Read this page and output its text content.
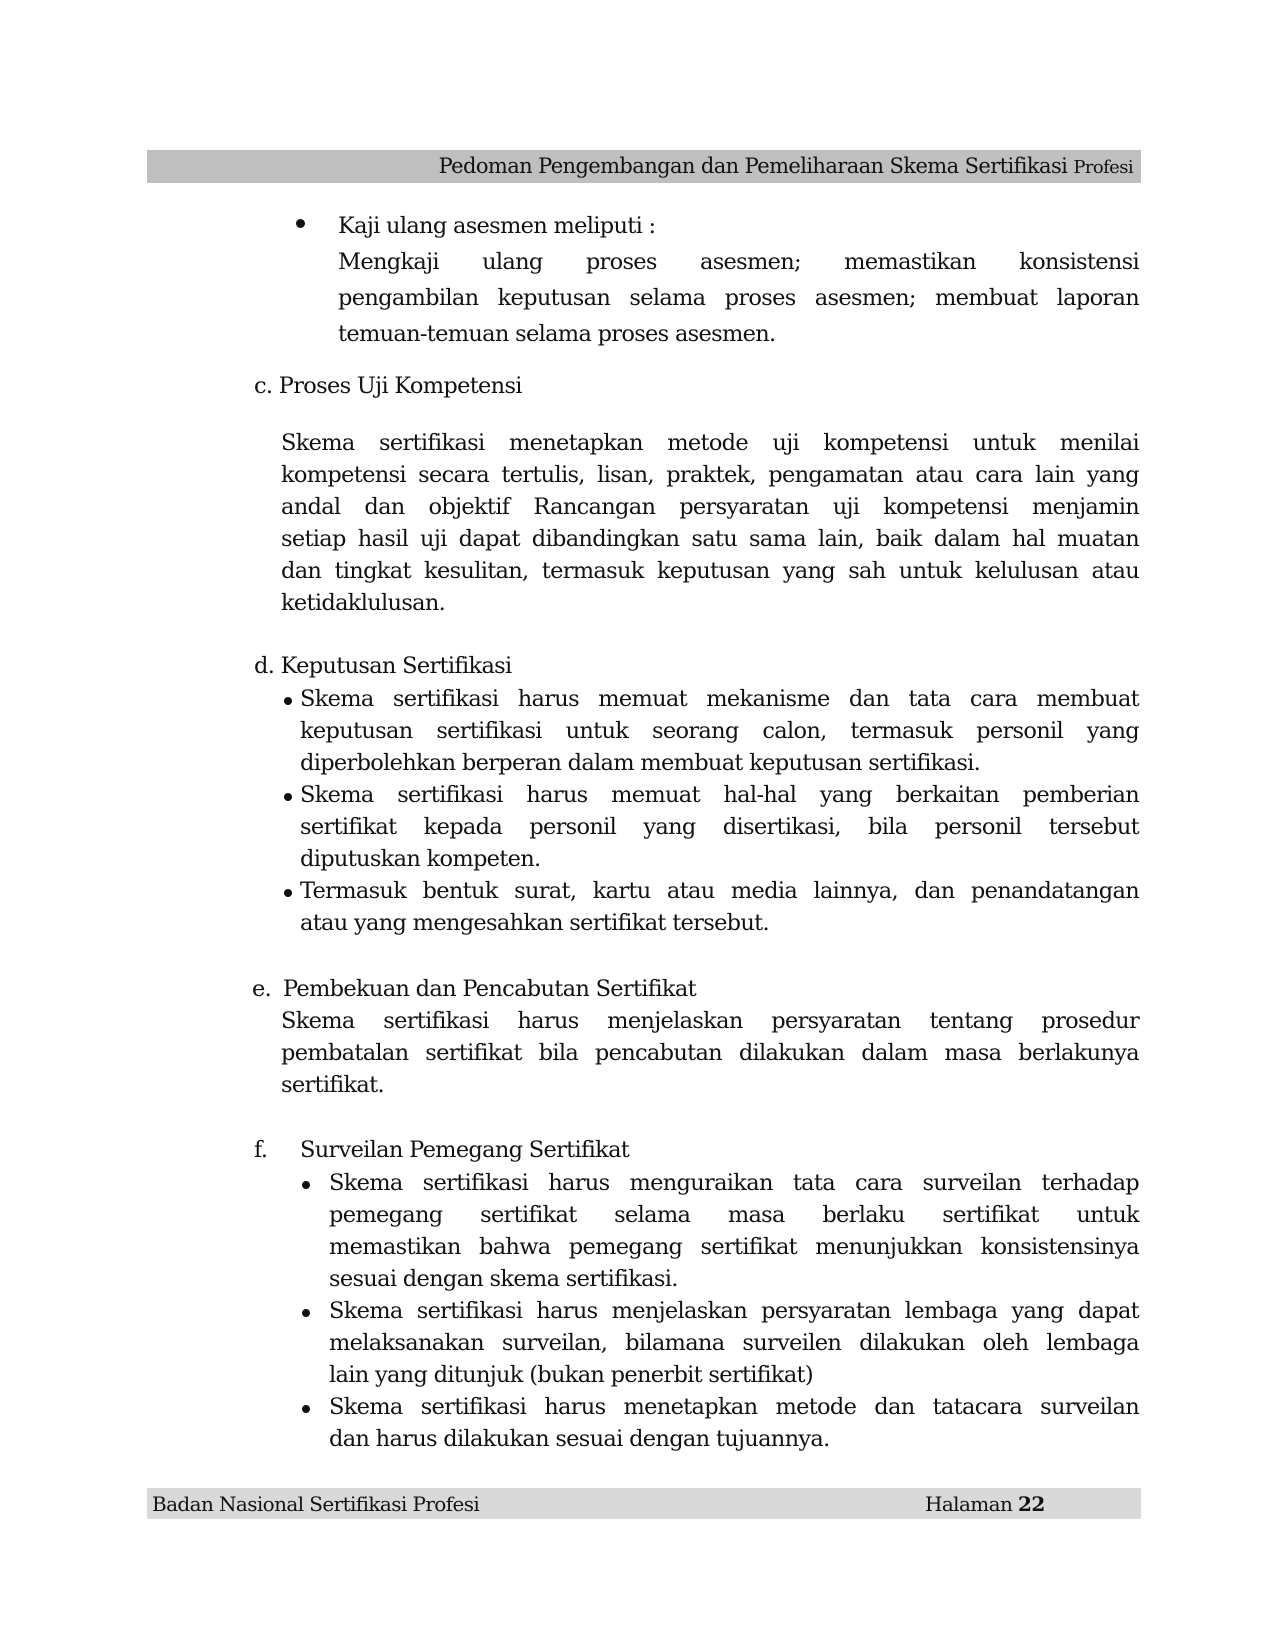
Pedoman Pengembangan dan Pemeliharaan Skema Sertifikasi Profesi
Kaji ulang asesmen meliputi :
Mengkaji ulang proses asesmen; memastikan konsistensi
pengambilan keputusan selama proses asesmen; membuat laporan
temuan-temuan selama proses asesmen.
c. Proses Uji Kompetensi
Skema sertifikasi menetapkan metode uji kompetensi untuk menilai
kompetensi secara tertulis, lisan, praktek, pengamatan atau cara lain yang
andal dan objektif Rancangan persyaratan uji kompetensi menjamin
setiap hasil uji dapat dibandingkan satu sama lain, baik dalam hal muatan
dan tingkat kesulitan, termasuk keputusan yang sah untuk kelulusan atau
ketidaklulusan.
d. Keputusan Sertifikasi
Skema sertifikasi harus memuat mekanisme dan tata cara membuat
keputusan sertifikasi untuk seorang calon, termasuk personil yang
diperbolehkan berperan dalam membuat keputusan sertifikasi.
Skema sertifikasi harus memuat hal-hal yang berkaitan pemberian
sertifikat kepada personil yang disertikasi, bila personil tersebut
diputuskan kompeten.
Termasuk bentuk surat, kartu atau media lainnya, dan penandatangan
atau yang mengesahkan sertifikat tersebut.
e. Pembekuan dan Pencabutan Sertifikat
Skema sertifikasi harus menjelaskan persyaratan tentang prosedur
pembatalan sertifikat bila pencabutan dilakukan dalam masa berlakunya
sertifikat.
f. Surveilan Pemegang Sertifikat
Skema sertifikasi harus menguraikan tata cara surveilan terhadap
pemegang sertifikat selama masa berlaku sertifikat untuk
memastikan bahwa pemegang sertifikat menunjukkan konsistensinya
sesuai dengan skema sertifikasi.
Skema sertifikasi harus menjelaskan persyaratan lembaga yang dapat
melaksanakan surveilan, bilamana surveilen dilakukan oleh lembaga
lain yang ditunjuk (bukan penerbit sertifikat)
Skema sertifikasi harus menetapkan metode dan tatacara surveilan
dan harus dilakukan sesuai dengan tujuannya.
Badan Nasional Sertifikasi Profesi	Halaman 22
